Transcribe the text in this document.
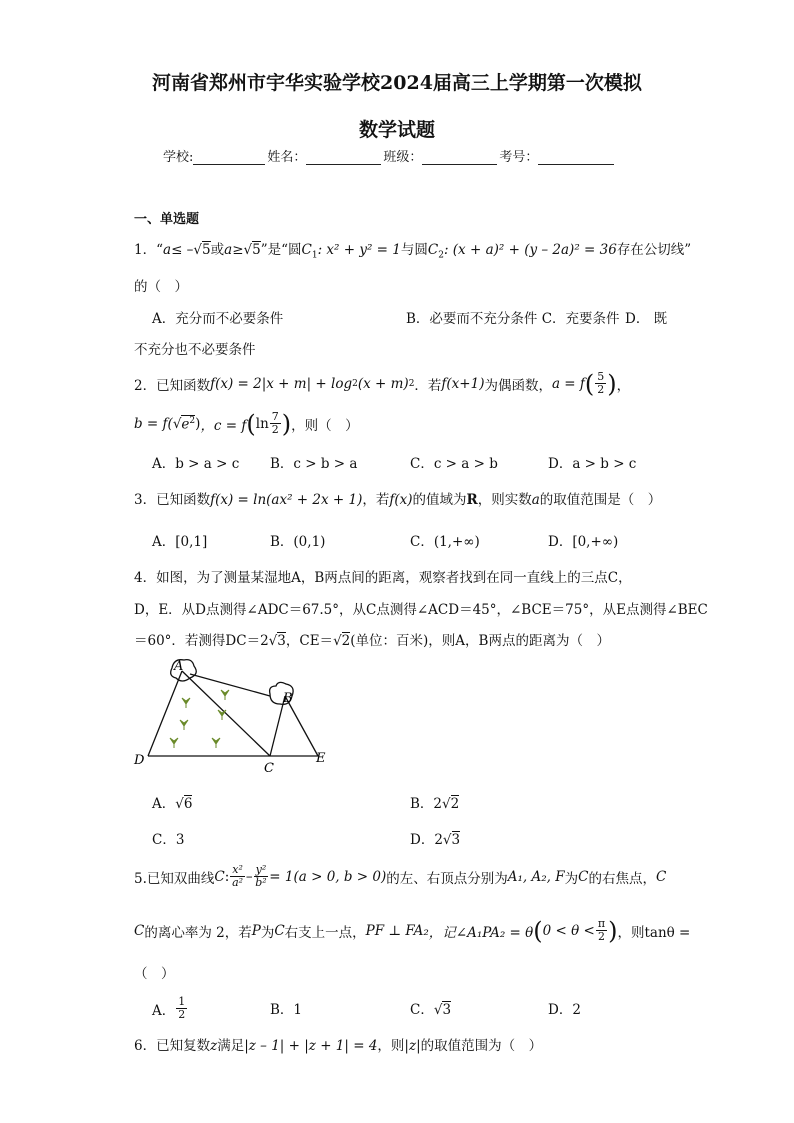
河南省郑州市宇华实验学校2024届高三上学期第一次模拟
数学试题
学校:	姓名：	班级：	考号：
一、单选题
1．“a≤ –√5或a≥√5”是“圆$C_1$: x² + y² = 1与圆$C_2$: (x + a)² + (y – 2a)² = 36存在公切线”
的（　）
A．充分而不必要条件	B．必要而不充分条件 C．充要条件 D． 既
不充分也不必要条件
2．已知函数 f(x) = 2|x + m| + log 2 (x + m) 2 ．若 f(x+1) 为偶函数， a = f ( $\frac{5}{2}$ ) ，
b = f( √ $e^2$ ) ，c = f ( $\ln \frac{7}{2}$ ) ，则（　）
A．b > a > c B．c > b > a	C．c > a > b	D．a > b > c
3．已知函数f(x) = ln(ax² + 2x + 1)，若f(x)的值域为R，则实数a的取值范围是（　）
A．[0,1]	B．(0,1)	C．(1,+∞)	D．[0,+∞)
4．如图，为了测量某湿地A，B两点间的距离，观察者找到在同一直线上的三点C，
D，E．从D点测得∠ADC＝67.5°，从C点测得∠ACD＝45°，∠BCE＝75°，从E点测得∠BEC
＝60°．若测得DC＝2√3，CE＝√2(单位：百米)，则A，B两点的距离为（　）
A
B
C
D	E
A．√6	B．2√2
C．3	D．2√3
5.已知双曲线 C : $\frac{\text{x²}}{\text{a²}} - \frac{\text{y²}}{\text{b²}} = 1(a > 0$, b > 0) 的左、右顶点分别为 A₁, A₂, F 为 C 的右焦点， C
C 的离心率为 2，若 P 为 C 右支上一点， PF ⊥ FA₂ ，记∠A₁PA₂ = θ ( $0 < \theta < \frac{\pi}{2}$ ) ，则tanθ =
（　）
A． $\frac{1}{2}$	B．1	C．√3	D．2
6．已知复数z满足|z – 1| + |z + 1| = 4，则|z|的取值范围为（　）
